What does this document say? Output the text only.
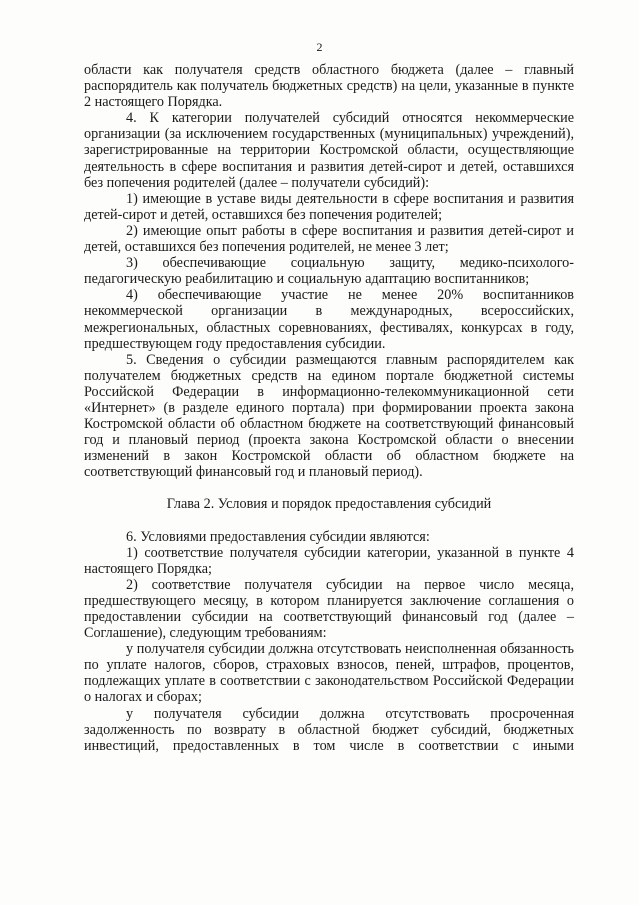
2

области как получателя средств областного бюджета (далее – главный распорядитель как получатель бюджетных средств) на цели, указанные в пункте 2 настоящего Порядка.

4. К категории получателей субсидий относятся некоммерческие организации (за исключением государственных (муниципальных) учреждений), зарегистрированные на территории Костромской области, осуществляющие деятельность в сфере воспитания и развития детей-сирот и детей, оставшихся без попечения родителей (далее – получатели субсидий):

1) имеющие в уставе виды деятельности в сфере воспитания и развития детей-сирот и детей, оставшихся без попечения родителей;

2) имеющие опыт работы в сфере воспитания и развития детей-сирот и детей, оставшихся без попечения родителей, не менее 3 лет;

3) обеспечивающие социальную защиту, медико-психолого-педагогическую реабилитацию и социальную адаптацию воспитанников;

4) обеспечивающие участие не менее 20% воспитанников некоммерческой организации в международных, всероссийских, межрегиональных, областных соревнованиях, фестивалях, конкурсах в году, предшествующем году предоставления субсидии.

5. Сведения о субсидии размещаются главным распорядителем как получателем бюджетных средств на едином портале бюджетной системы Российской Федерации в информационно-телекоммуникационной сети «Интернет» (в разделе единого портала) при формировании проекта закона Костромской области об областном бюджете на соответствующий финансовый год и плановый период (проекта закона Костромской области о внесении изменений в закон Костромской области об областном бюджете на соответствующий финансовый год и плановый период).

Глава 2. Условия и порядок предоставления субсидий

6. Условиями предоставления субсидии являются:

1) соответствие получателя субсидии категории, указанной в пункте 4 настоящего Порядка;

2) соответствие получателя субсидии на первое число месяца, предшествующего месяцу, в котором планируется заключение соглашения о предоставлении субсидии на соответствующий финансовый год (далее – Соглашение), следующим требованиям:

у получателя субсидии должна отсутствовать неисполненная обязанность по уплате налогов, сборов, страховых взносов, пеней, штрафов, процентов, подлежащих уплате в соответствии с законодательством Российской Федерации о налогах и сборах;

у получателя субсидии должна отсутствовать просроченная задолженность по возврату в областной бюджет субсидий, бюджетных инвестиций, предоставленных в том числе в соответствии с иными
